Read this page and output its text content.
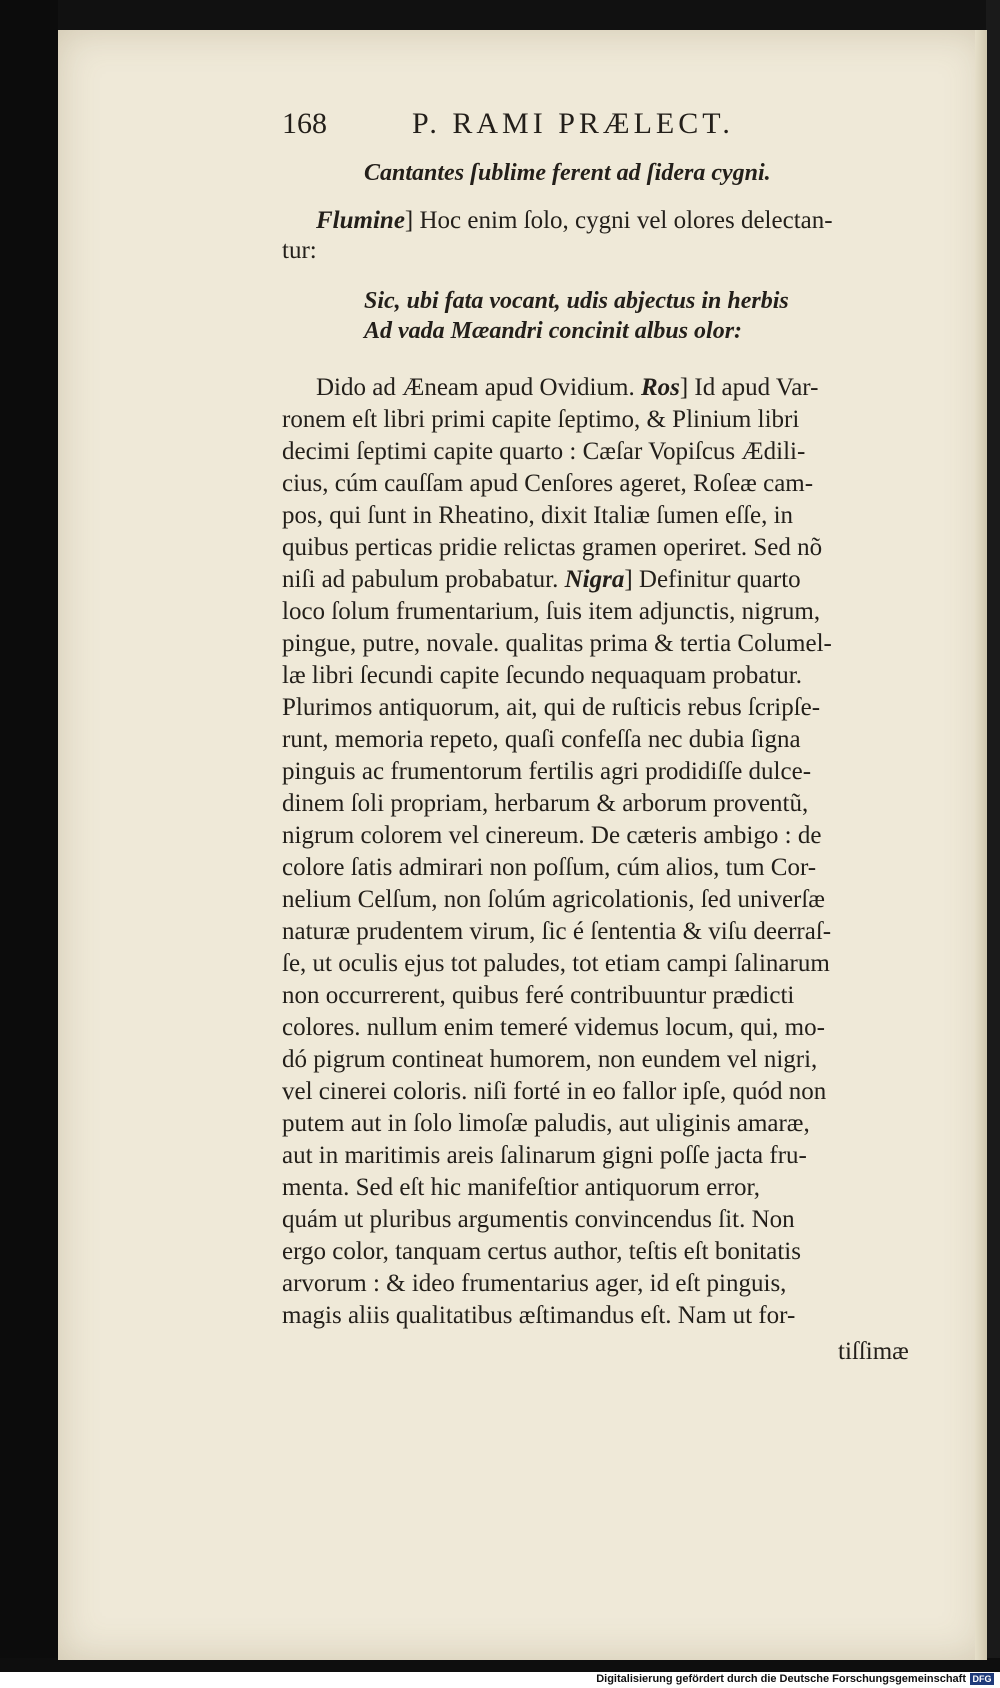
168	P. RAMI PRÆLECT.
Cantantes ſublime ferent ad ſidera cygni.
Flumine] Hoc enim ſolo, cygni vel olores delectan-
tur:
Sic, ubi fata vocant, udis abjectus in herbis
Ad vada Mæandri concinit albus olor:
Dido ad Æneam apud Ovidium. Ros] Id apud Var-
ronem eſt libri primi capite ſeptimo, & Plinium libri
decimi ſeptimi capite quarto : Cæſar Vopiſcus Ædili-
cius, cúm cauſſam apud Cenſores ageret, Roſeæ cam-
pos, qui ſunt in Rheatino, dixit Italiæ ſumen eſſe, in
quibus perticas pridie relictas gramen operiret. Sed nõ
niſi ad pabulum probabatur. Nigra] Definitur quarto
loco ſolum frumentarium, ſuis item adjunctis, nigrum,
pingue, putre, novale. qualitas prima & tertia Columel-
læ libri ſecundi capite ſecundo nequaquam probatur.
Plurimos antiquorum, ait, qui de ruſticis rebus ſcripſe-
runt, memoria repeto, quaſi confeſſa nec dubia ſigna
pinguis ac frumentorum fertilis agri prodidiſſe dulce-
dinem ſoli propriam, herbarum & arborum proventũ,
nigrum colorem vel cinereum. De cæteris ambigo : de
colore ſatis admirari non poſſum, cúm alios, tum Cor-
nelium Celſum, non ſolúm agricolationis, ſed univerſæ
naturæ prudentem virum, ſic é ſententia & viſu deerraſ-
ſe, ut oculis ejus tot paludes, tot etiam campi ſalinarum
non occurrerent, quibus feré contribuuntur prædicti
colores. nullum enim temeré videmus locum, qui, mo-
dó pigrum contineat humorem, non eundem vel nigri,
vel cinerei coloris. niſi forté in eo fallor ipſe, quód non
putem aut in ſolo limoſæ paludis, aut uliginis amaræ,
aut in maritimis areis ſalinarum gigni poſſe jacta fru-
menta. Sed eſt hic manifeſtior antiquorum error,
quám ut pluribus argumentis convincendus ſit. Non
ergo color, tanquam certus author, teſtis eſt bonitatis
arvorum : & ideo frumentarius ager, id eſt pinguis,
magis aliis qualitatibus æſtimandus eſt. Nam ut for-
tiſſimæ
Digitalisierung gefördert durch die Deutsche Forschungsgemeinschaft DFG
